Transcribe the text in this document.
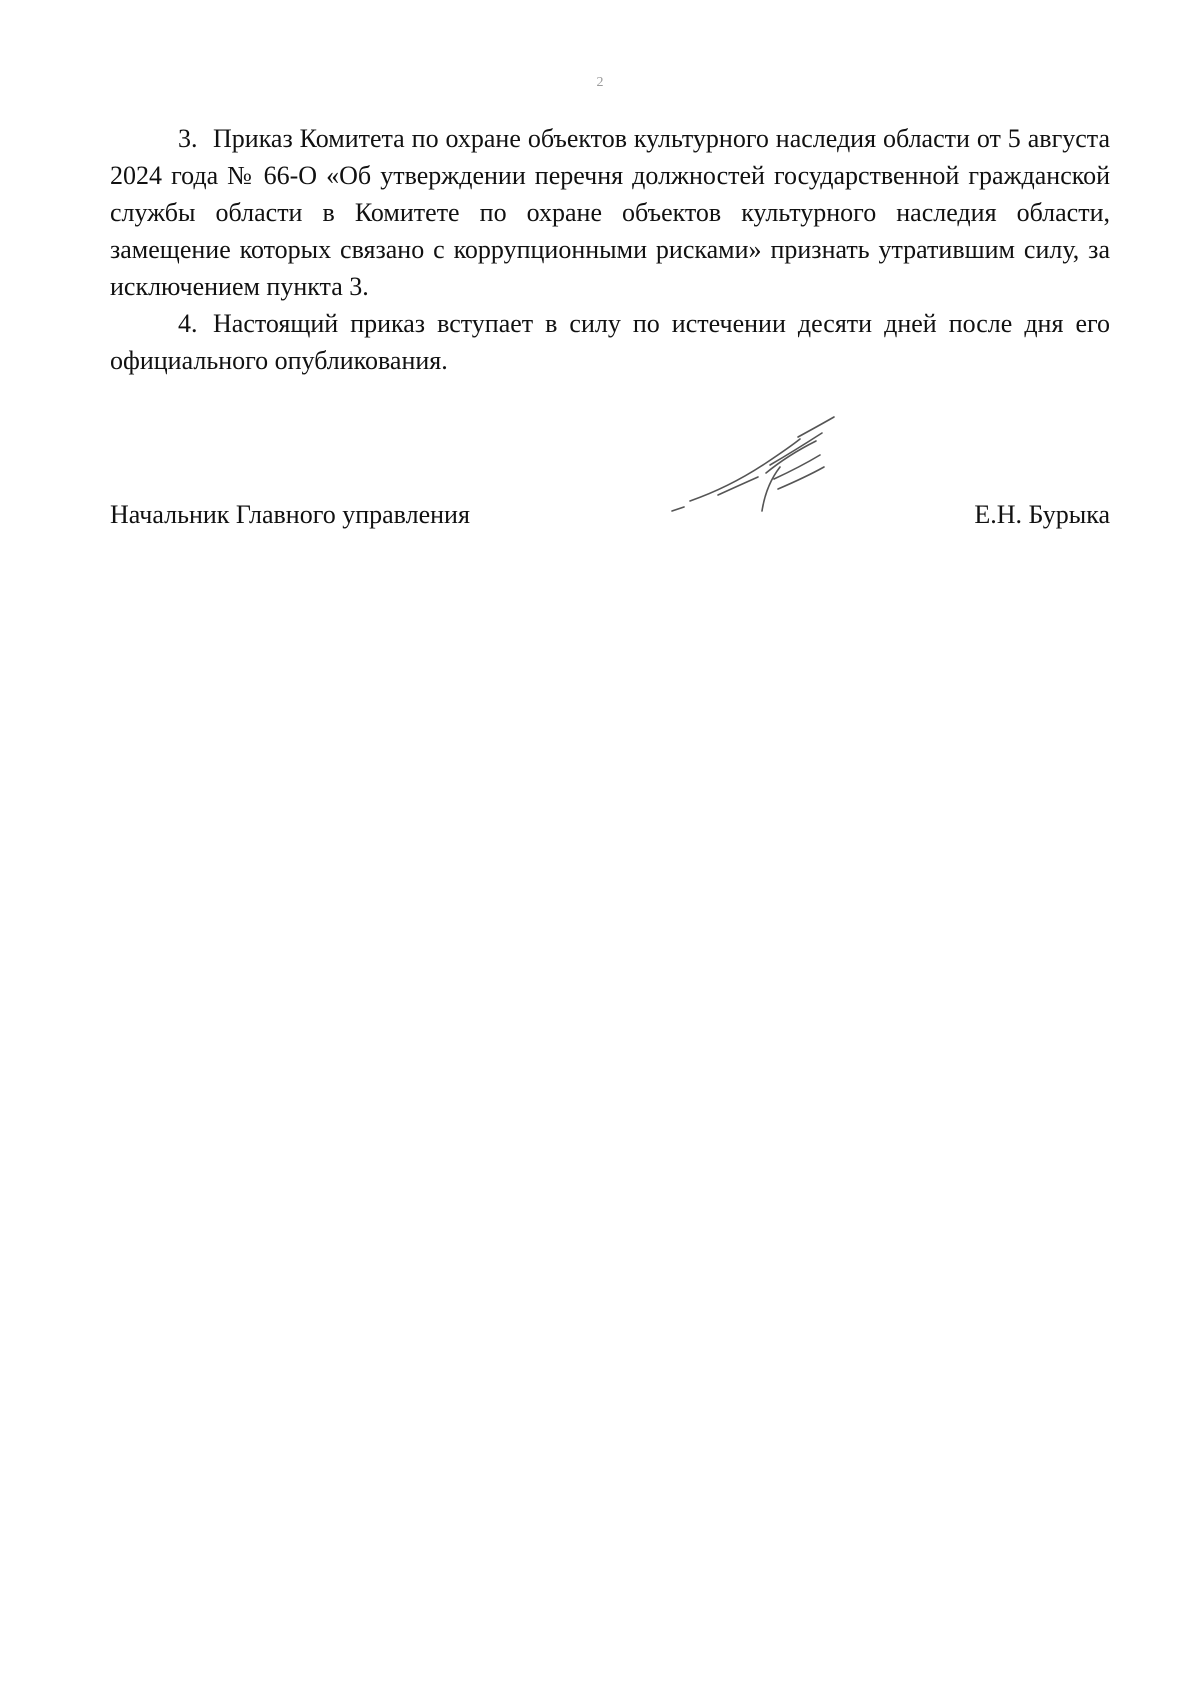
2

3. Приказ Комитета по охране объектов культурного наследия области от 5 августа 2024 года № 66-О «Об утверждении перечня должностей государственной гражданской службы области в Комитете по охране объектов культурного наследия области, замещение которых связано с коррупционными рисками» признать утратившим силу, за исключением пункта 3.

4. Настоящий приказ вступает в силу по истечении десяти дней после дня его официального опубликования.

Начальник Главного управления	Е.Н. Бурыка
